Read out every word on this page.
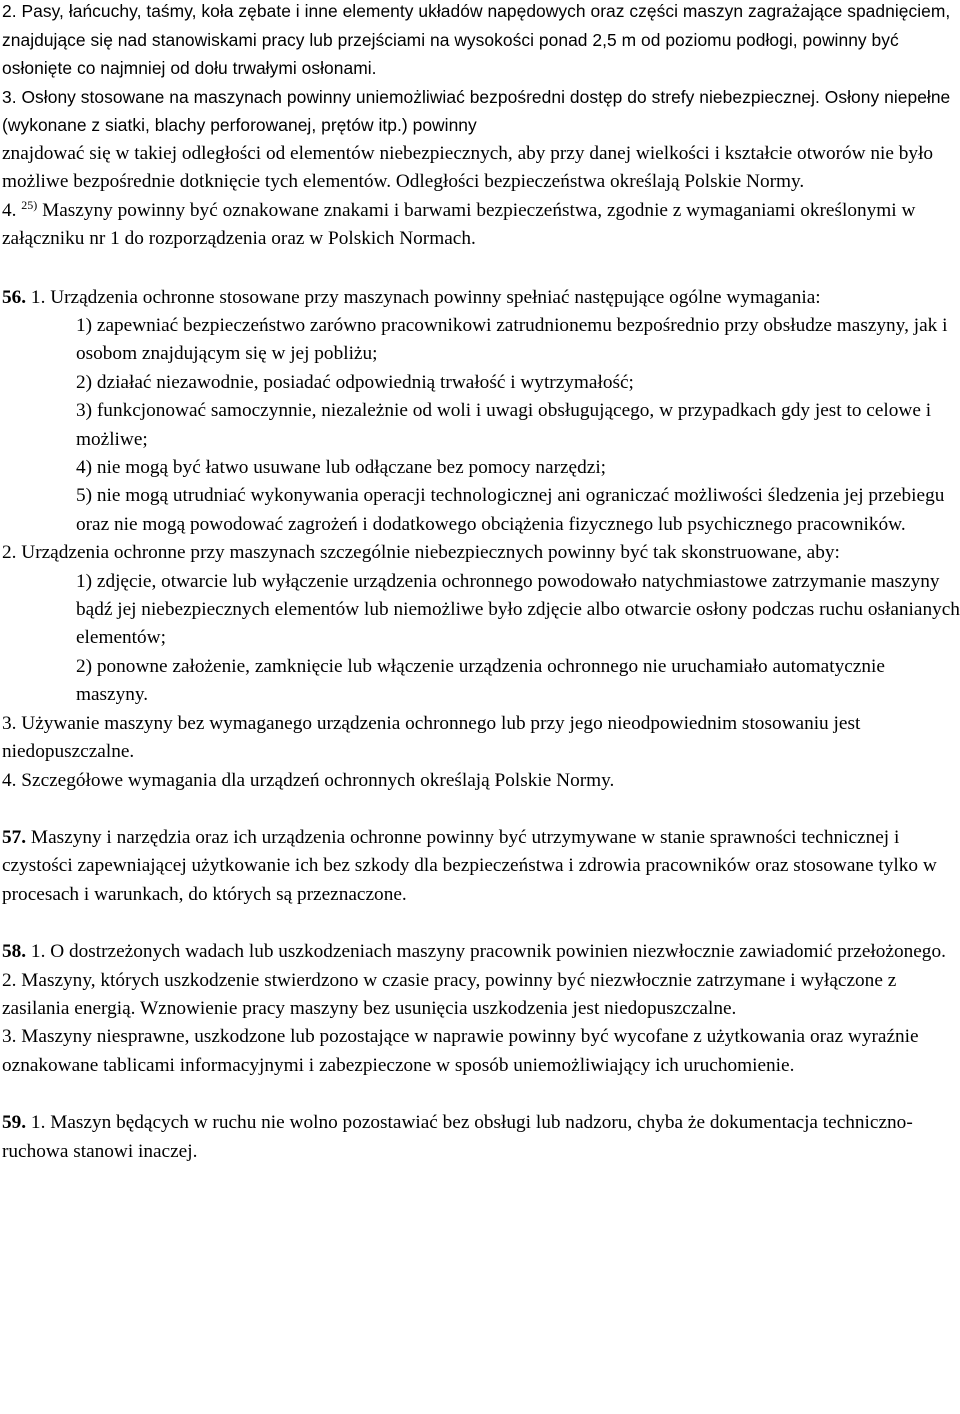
2. Pasy, łańcuchy, taśmy, koła zębate i inne elementy układów napędowych oraz części maszyn zagrażające spadnięciem, znajdujące się nad stanowiskami pracy lub przejściami na wysokości ponad 2,5 m od poziomu podłogi, powinny być osłonięte co najmniej od dołu trwałymi osłonami.

3. Osłony stosowane na maszynach powinny uniemożliwiać bezpośredni dostęp do strefy niebezpiecznej. Osłony niepełne (wykonane z siatki, blachy perforowanej, prętów itp.) powinny

znajdować się w takiej odległości od elementów niebezpiecznych, aby przy danej wielkości i kształcie otworów nie było możliwe bezpośrednie dotknięcie tych elementów. Odległości bezpieczeństwa określają Polskie Normy.

4. $^{25)}$ Maszyny powinny być oznakowane znakami i barwami bezpieczeństwa, zgodnie z wymaganiami określonymi w załączniku nr 1 do rozporządzenia oraz w Polskich Normach.

56. 1. Urządzenia ochronne stosowane przy maszynach powinny spełniać następujące ogólne wymagania:

1) zapewniać bezpieczeństwo zarówno pracownikowi zatrudnionemu bezpośrednio przy obsłudze maszyny, jak i osobom znajdującym się w jej pobliżu;

2) działać niezawodnie, posiadać odpowiednią trwałość i wytrzymałość;

3) funkcjonować samoczynnie, niezależnie od woli i uwagi obsługującego, w przypadkach gdy jest to celowe i możliwe;

4) nie mogą być łatwo usuwane lub odłączane bez pomocy narzędzi;

5) nie mogą utrudniać wykonywania operacji technologicznej ani ograniczać możliwości śledzenia jej przebiegu oraz nie mogą powodować zagrożeń i dodatkowego obciążenia fizycznego lub psychicznego pracowników.

2. Urządzenia ochronne przy maszynach szczególnie niebezpiecznych powinny być tak skonstruowane, aby:

1) zdjęcie, otwarcie lub wyłączenie urządzenia ochronnego powodowało natychmiastowe zatrzymanie maszyny bądź jej niebezpiecznych elementów lub niemożliwe było zdjęcie albo otwarcie osłony podczas ruchu osłanianych elementów;

2) ponowne założenie, zamknięcie lub włączenie urządzenia ochronnego nie uruchamiało automatycznie maszyny.

3. Używanie maszyny bez wymaganego urządzenia ochronnego lub przy jego nieodpowiednim stosowaniu jest niedopuszczalne.

4. Szczegółowe wymagania dla urządzeń ochronnych określają Polskie Normy.

57. Maszyny i narzędzia oraz ich urządzenia ochronne powinny być utrzymywane w stanie sprawności technicznej i czystości zapewniającej użytkowanie ich bez szkody dla bezpieczeństwa i zdrowia pracowników oraz stosowane tylko w procesach i warunkach, do których są przeznaczone.

58. 1. O dostrzeżonych wadach lub uszkodzeniach maszyny pracownik powinien niezwłocznie zawiadomić przełożonego.

2. Maszyny, których uszkodzenie stwierdzono w czasie pracy, powinny być niezwłocznie zatrzymane i wyłączone z zasilania energią. Wznowienie pracy maszyny bez usunięcia uszkodzenia jest niedopuszczalne.

3. Maszyny niesprawne, uszkodzone lub pozostające w naprawie powinny być wycofane z użytkowania oraz wyraźnie oznakowane tablicami informacyjnymi i zabezpieczone w sposób uniemożliwiający ich uruchomienie.

59. 1. Maszyn będących w ruchu nie wolno pozostawiać bez obsługi lub nadzoru, chyba że dokumentacja techniczno-ruchowa stanowi inaczej.
